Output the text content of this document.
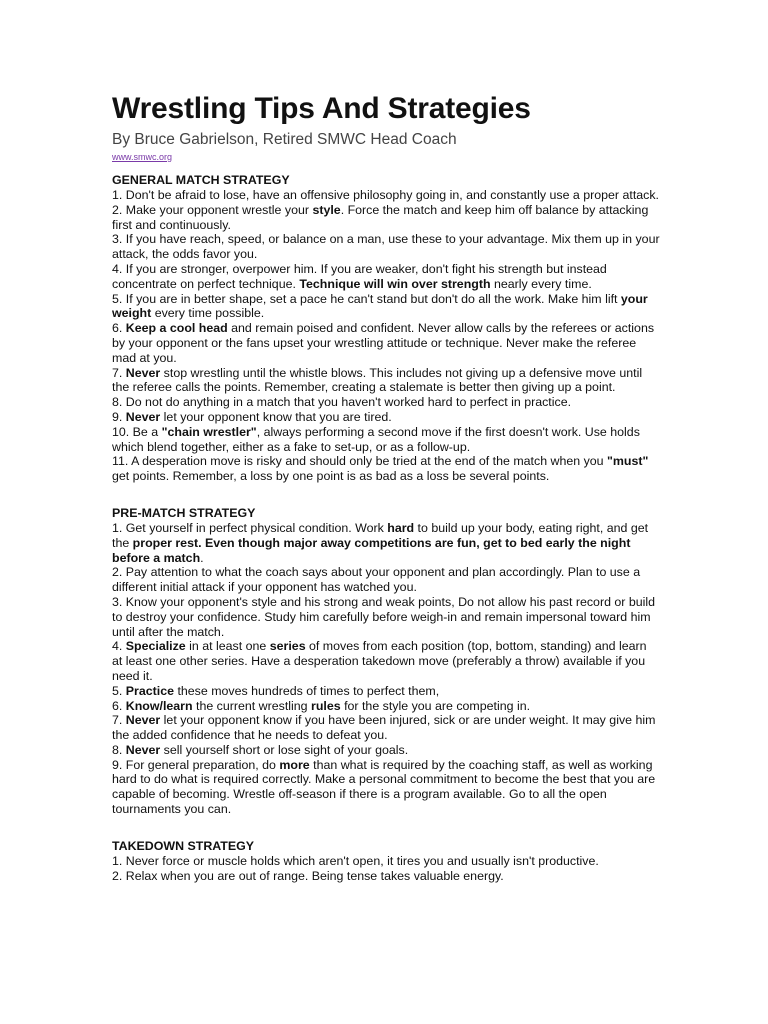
Wrestling Tips And Strategies

By Bruce Gabrielson, Retired SMWC Head Coach

www.smwc.org

GENERAL MATCH STRATEGY

1. Don't be afraid to lose, have an offensive philosophy going in, and constantly use a proper attack.

2. Make your opponent wrestle your style. Force the match and keep him off balance by attacking first and continuously.

3. If you have reach, speed, or balance on a man, use these to your advantage. Mix them up in your attack, the odds favor you.

4. If you are stronger, overpower him. If you are weaker, don't fight his strength but instead concentrate on perfect technique. Technique will win over strength nearly every time.

5. If you are in better shape, set a pace he can't stand but don't do all the work. Make him lift your weight every time possible.

6. Keep a cool head and remain poised and confident. Never allow calls by the referees or actions by your opponent or the fans upset your wrestling attitude or technique. Never make the referee mad at you.

7. Never stop wrestling until the whistle blows. This includes not giving up a defensive move until the referee calls the points. Remember, creating a stalemate is better then giving up a point.

8. Do not do anything in a match that you haven't worked hard to perfect in practice.

9. Never let your opponent know that you are tired.

10. Be a "chain wrestler", always performing a second move if the first doesn't work. Use holds which blend together, either as a fake to set-up, or as a follow-up.

11. A desperation move is risky and should only be tried at the end of the match when you "must" get points. Remember, a loss by one point is as bad as a loss be several points.

PRE-MATCH STRATEGY

1. Get yourself in perfect physical condition. Work hard to build up your body, eating right, and get the proper rest. Even though major away competitions are fun, get to bed early the night before a match.

2. Pay attention to what the coach says about your opponent and plan accordingly. Plan to use a different initial attack if your opponent has watched you.

3. Know your opponent's style and his strong and weak points, Do not allow his past record or build to destroy your confidence. Study him carefully before weigh-in and remain impersonal toward him until after the match.

4. Specialize in at least one series of moves from each position (top, bottom, standing) and learn at least one other series. Have a desperation takedown move (preferably a throw) available if you need it.

5. Practice these moves hundreds of times to perfect them,

6. Know/learn the current wrestling rules for the style you are competing in.

7. Never let your opponent know if you have been injured, sick or are under weight. It may give him the added confidence that he needs to defeat you.

8. Never sell yourself short or lose sight of your goals.

9. For general preparation, do more than what is required by the coaching staff, as well as working hard to do what is required correctly. Make a personal commitment to become the best that you are capable of becoming. Wrestle off-season if there is a program available. Go to all the open tournaments you can.

TAKEDOWN STRATEGY

1. Never force or muscle holds which aren't open, it tires you and usually isn't productive.

2. Relax when you are out of range. Being tense takes valuable energy.
